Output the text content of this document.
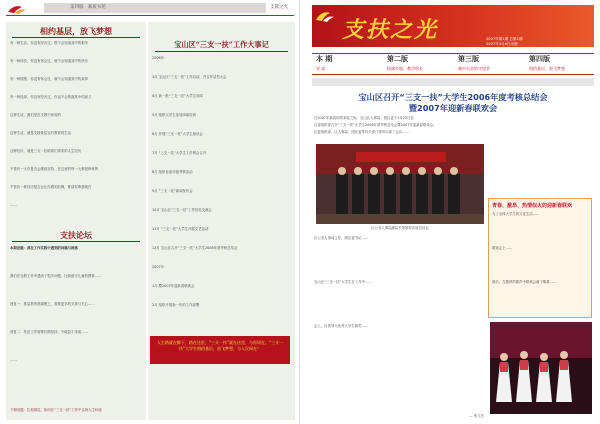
第四版 · 素质书苑	支教之光
相约基层，放飞梦想
有一种生活，你没有经历过，很不会知道其中的艰辛
有一种体验，你没有体会过，就不会知道其中的快乐
有一种情感，你没有体会过，就不会知道其中的真挚
有一种选择，你没有经历过，你也不会知道其中的意义
这种生活，我们是在支教中体验的
这种生活，就是支援基层农村教育的生活
这种经历，就是三支一扶给我们带来的人生经历
不管有一天你是否会继续坚持，在这里的每一天都是珍贵的
不管有一种经历是否会让你感到后悔，都请你珍惜现在
……
支扶论坛
本期论题：我在工作实践中遇到的问题与困惑
我们在支教工作中遇到了很多问题，比如留守儿童的教育……
回复一：基层教育资源匮乏，需要更多的支持与关心……
回复二：扶贫工作需要长期坚持，不能急于求成……
……
下期话题：扎根基层，如何在“三支一扶”工作中实现人生价值
宝山区“三支一扶”工作大事记
2006年：
3月 宝山区“三支一扶”工作启动，并召开动员大会
4月 新一批“三支一扶”大学生到岗
5月 组织大学生参加岗前培训
6月 开展“三支一扶”大学生座谈会
7月 “三支一扶”大学生工作例会召开
8月 组织参加市级考核活动
9月 “三支一扶”新闻发布会
10月 宝山区“三支一扶”工作经验交流会
11月 “三支一扶”大学生开展文艺活动
12月 宝山区召开“三支一扶”大学生2006年度考核总结会
2007年：
1月 暨2007年迎新春联欢会
2月 组织开展新一年的工作部署
人生路就在脚下，路在这里，“三支一扶”就在这里，与你同在。“三支一扶”大学生相约基层，放飞梦想，与人民同在！
支扶之光	2007年第1期 总第1期
2007年3月6日出版
本 期
导 读
第二版
情满乡镇，教学相长
第三版
城中夫贫的守望者
第四版
相约基层，放飞梦想
宝山区召开“三支一扶”大学生2006年度考核总结会
暨2007年迎新春联欢会
在2007年新春即将来临之际，宝山区人事局、团区委于1月25日在
区委组织部召开“三支一扶”大学生2006年度考核总结会暨2007年迎新春联欢会。
区委组织部、区人事局、团区委等有关部门领导出席了会议……
区公务人事局副局长等领导出席总结会
区公务人事局主任，团区委书记……
宝山区“三支一扶”大学生在工作中……
会上，区领导为优秀大学生颁奖……
青春、激昂、热情似火的迎新春联欢
为了全体大学生的文化生活……
联欢会上……
最后，在激昂的歌声中联欢会落下帷幕……
— 张文杰
